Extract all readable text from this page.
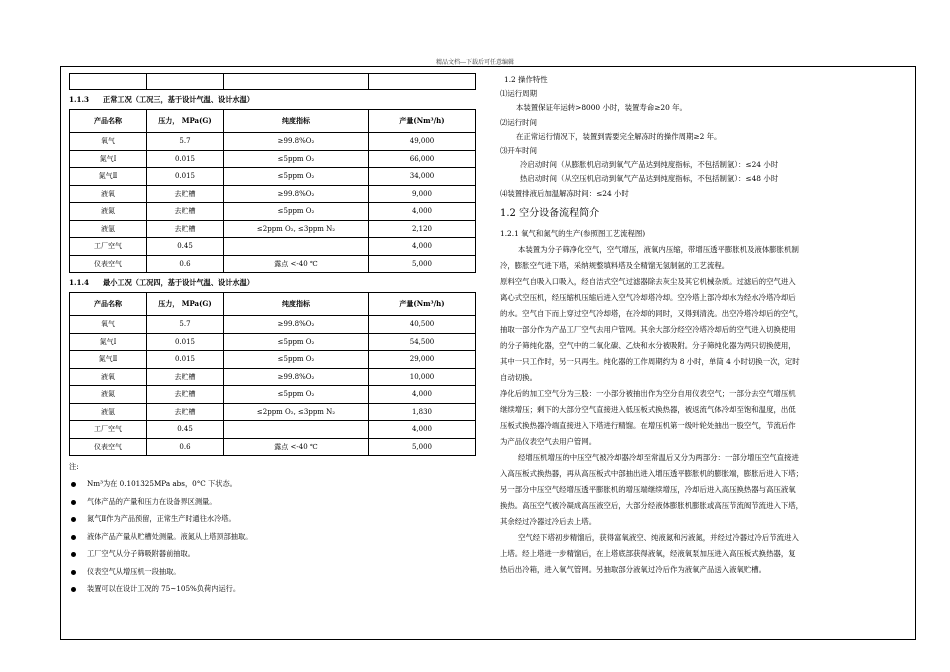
精品文档---下载后可任意编辑

1.1.3 正常工况（工况三，基于设计气温、设计水温）
产品名称	压力， MPa(G)	纯度指标	产量(Nm³/h)
氧气	5.7	≥99.8%O₂	49,000
氮气Ⅰ	0.015	≤5ppm O₂	66,000
氮气Ⅱ	0.015	≤5ppm O₂	34,000
液氧	去贮槽	≥99.8%O₂	9,000
液氮	去贮槽	≤5ppm O₂	4,000
液氩	去贮槽	≤2ppm O₂, ≤3ppm N₂	2,120
工厂空气	0.45		4,000
仪表空气	0.6	露点 <-40 ℃	5,000
1.1.4 最小工况（工况四，基于设计气温、设计水温）
产品名称	压力， MPa(G)	纯度指标	产量(Nm³/h)
氧气	5.7	≥99.8%O₂	40,500
氮气Ⅰ	0.015	≤5ppm O₂	54,500
氮气Ⅱ	0.015	≤5ppm O₂	29,000
液氧	去贮槽	≥99.8%O₂	10,000
液氮	去贮槽	≤5ppm O₂	4,000
液氩	去贮槽	≤2ppm O₂, ≤3ppm N₂	1,830
工厂空气	0.45		4,000
仪表空气	0.6	露点 <-40 ℃	5,000
注:
Nm³为在 0.101325MPa abs，0°C 下状态。
气体产品的产量和压力在设备界区测量。
氮气Ⅱ作为产品预留，正常生产时通往水冷塔。
液体产品产量从贮槽处测量。液氮从上塔顶部抽取。
工厂空气从分子筛吸附器前抽取。
仪表空气从增压机一段抽取。
装置可以在设计工况的 75~105%负荷内运行。
1.2 操作特性
⑴运行周期
本装置保证年运转>8000 小时，装置寿命≥20 年。
⑵运行时间
在正常运行情况下，装置到需要完全解冻时的操作周期≥2 年。
⑶开车时间
冷启动时间（从膨胀机启动到氧气产品达到纯度指标，不包括制氩）：≤24 小时
热启动时间（从空压机启动到氧气产品达到纯度指标，不包括制氩）：≤48 小时
⑷装置排液后加温解冻时间：≤24 小时
1.2 空分设备流程简介
1.2.1 氧气和氮气的生产(参照图工艺流程图)
本装置为分子筛净化空气，空气增压，液氧内压缩，带增压透平膨胀机及液体膨胀机制
冷，膨胀空气进下塔，采纳规整填料塔及全精馏无氢制氩的工艺流程。
原料空气自吸入口吸入，经自洁式空气过滤器除去灰尘及其它机械杂质。过滤后的空气进入
离心式空压机，经压缩机压缩后进入空气冷却塔冷却。空冷塔上部冷却水为经水冷塔冷却后
的水。空气自下而上穿过空气冷却塔，在冷却的同时，又得到清洗。出空冷塔冷却后的空气，
抽取一部分作为产品工厂空气去用户管网。其余大部分经空冷塔冷却后的空气进入切换使用
的分子筛纯化器，空气中的二氧化碳、乙炔和水分被吸附。分子筛纯化器为两只切换使用，
其中一只工作时，另一只再生。纯化器的工作周期约为 8 小时，单筒 4 小时切换一次，定时
自动切换。
净化后的加工空气分为三股：一小部分被抽出作为空分自用仪表空气；一部分去空气增压机
继续增压；剩下的大部分空气直接进入低压板式换热器，被返流气体冷却至饱和温度，出低
压板式换热器冷端直接进入下塔进行精馏。在增压机第一级叶轮处抽出一股空气，节流后作
为产品仪表空气去用户管网。
经增压机增压的中压空气被冷却器冷却至常温后又分为两部分：一部分增压空气直接进
入高压板式换热器，再从高压板式中部抽出进入增压透平膨胀机的膨胀端，膨胀后进入下塔；
另一部分中压空气经增压透平膨胀机的增压端继续增压，冷却后进入高压换热器与高压液氧
换热。高压空气被冷凝成高压液空后，大部分经液体膨胀机膨胀或高压节流阀节流进入下塔，
其余经过冷器过冷后去上塔。
空气经下塔初步精馏后，获得富氧液空、纯液氮和污液氮，并经过冷器过冷后节流进入
上塔。经上塔进一步精馏后，在上塔底部获得液氧，经液氧泵加压进入高压板式换热器，复
热后出冷箱，进入氧气管网。另抽取部分液氧过冷后作为液氧产品送入液氧贮槽。
